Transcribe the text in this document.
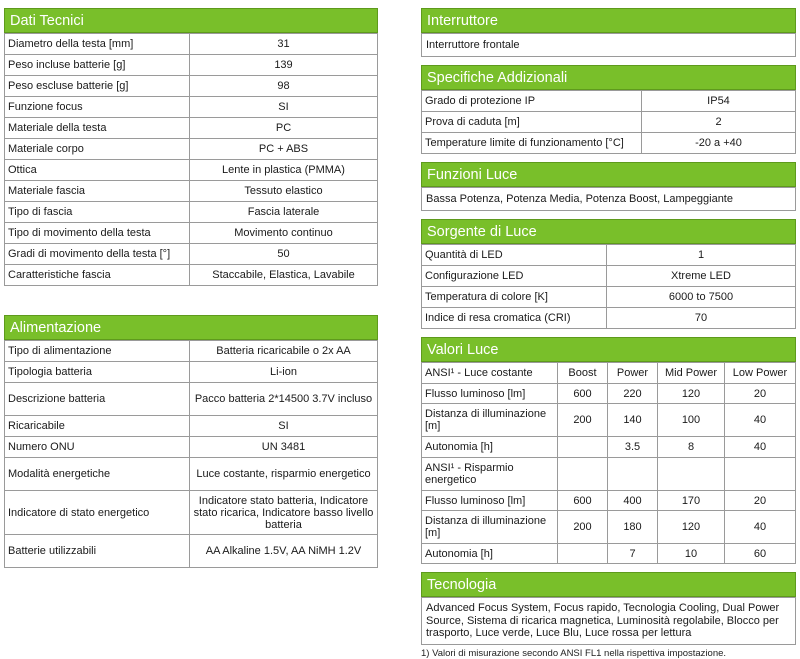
Dati Tecnici
Diametro della testa [mm]	31
Peso incluse batterie [g]	139
Peso escluse batterie [g]	98
Funzione focus	SI
Materiale della testa	PC
Materiale corpo	PC + ABS
Ottica	Lente in plastica (PMMA)
Materiale fascia	Tessuto elastico
Tipo di fascia	Fascia laterale
Tipo di movimento della testa	Movimento continuo
Gradi di movimento della testa [°]	50
Caratteristiche fascia	Staccabile, Elastica, Lavabile
Alimentazione
Tipo di alimentazione	Batteria ricaricabile o 2x AA
Tipologia batteria	Li-ion
Descrizione batteria	Pacco batteria 2*14500 3.7V incluso
Ricaricabile	SI
Numero ONU	UN 3481
Modalità energetiche	Luce costante, risparmio energetico
Indicatore di stato energetico	Indicatore stato batteria, Indicatore stato ricarica, Indicatore basso livello batteria
Batterie utilizzabili	AA Alkaline 1.5V, AA NiMH 1.2V
Interruttore
Interruttore frontale
Specifiche Addizionali
Grado di protezione IP	IP54
Prova di caduta [m]	2
Temperature limite di funzionamento [°C]	-20 a +40
Funzioni Luce
Bassa Potenza, Potenza Media, Potenza Boost, Lampeggiante
Sorgente di Luce
Quantità di LED	1
Configurazione LED	Xtreme LED
Temperatura di colore [K]	6000 to 7500
Indice di resa cromatica (CRI)	70
Valori Luce
ANSI¹ - Luce costante	Boost	Power	Mid Power	Low Power
Flusso luminoso [lm]	600	220	120	20
Distanza di illuminazione [m]	200	140	100	40
Autonomia [h]		3.5	8	40
ANSI¹ - Risparmio energetico				
Flusso luminoso [lm]	600	400	170	20
Distanza di illuminazione [m]	200	180	120	40
Autonomia [h]		7	10	60
Tecnologia
Advanced Focus System, Focus rapido, Tecnologia Cooling, Dual Power Source, Sistema di ricarica magnetica, Luminosità regolabile, Blocco per trasporto, Luce verde, Luce Blu, Luce rossa per lettura
1) Valori di misurazione secondo ANSI FL1 nella rispettiva impostazione.
